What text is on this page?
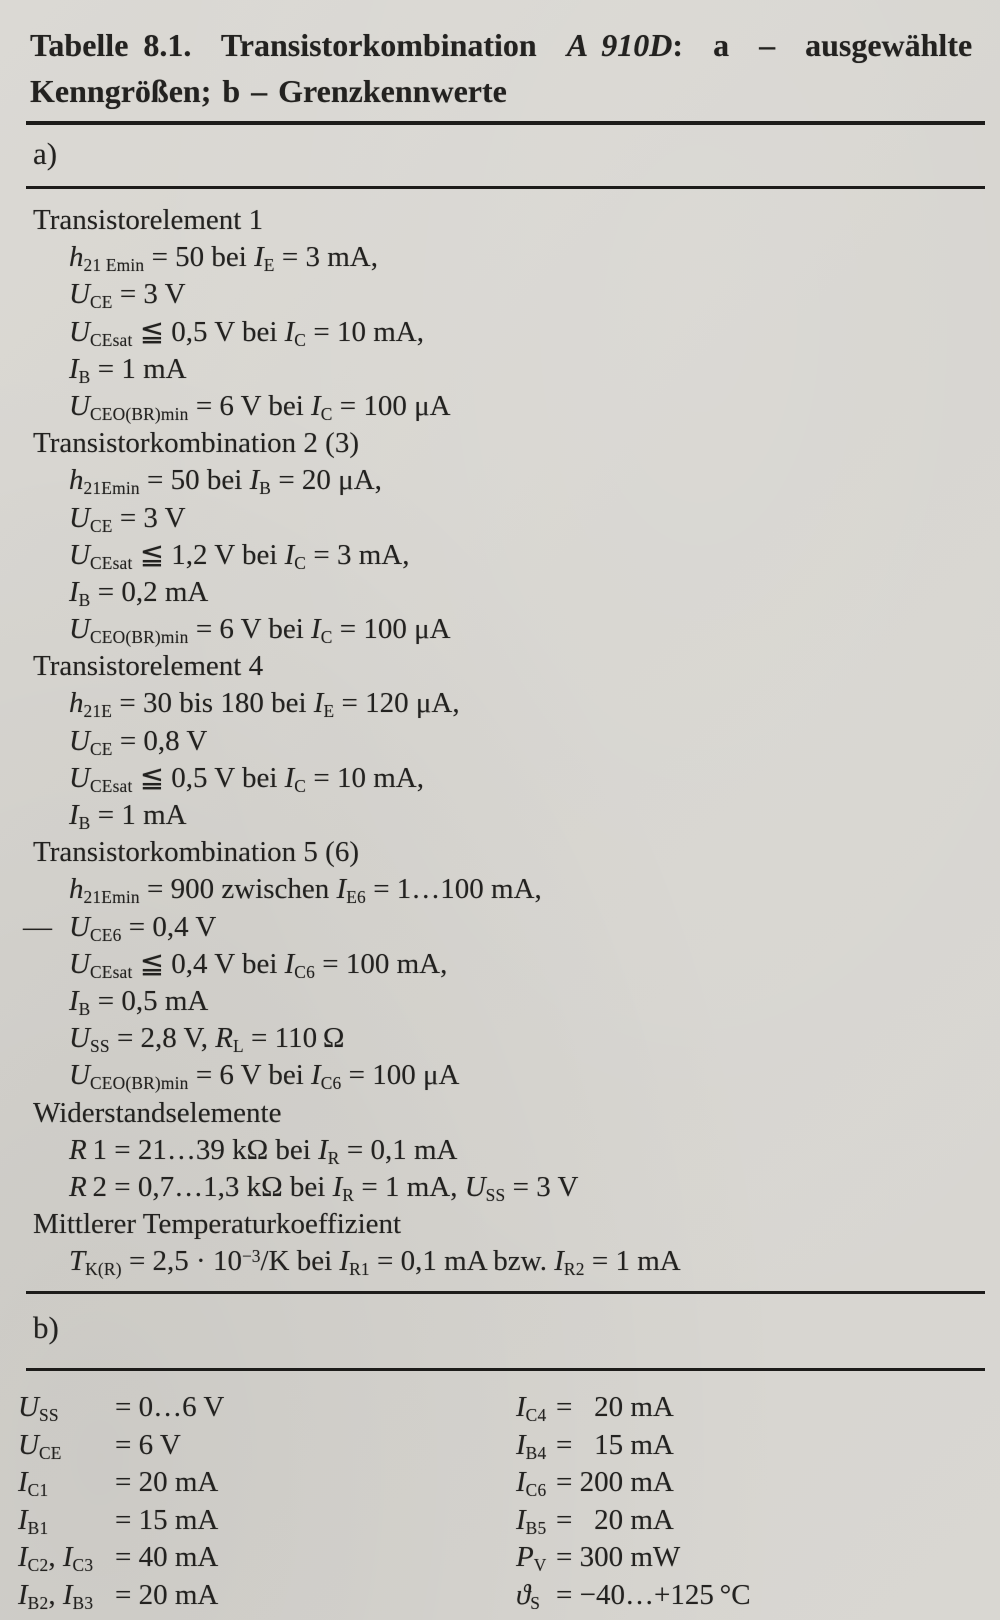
Tabelle 8.1.  Transistorkombination  A 910D:  a  –  ausgewählte
Kenngrößen; b – Grenzkennwerte
a)
Transistorelement 1
$h_{21 Emin} = 50$ bei $I_E = 3$ mA,
$U_{CE} = 3$ V
$U_{CEsat}$ ≦ 0,5 V bei $I_C = 10$ mA,
$I_B = 1$ mA
$U_{CEO(BR)min} = 6$ V bei $I_C = 100$ μA
Transistorkombination 2 (3)
$h_{21Emin} = 50$ bei $I_B = 20$ μA,
$U_{CE} = 3$ V
$U_{CEsat}$ ≦ 1,2 V bei $I_C = 3$ mA,
$I_B = 0,2$ mA
$U_{CEO(BR)min} = 6$ V bei $I_C = 100$ μA
Transistorelement 4
$h_{21E} = 30$ bis 180 bei $I_E = 120$ μA,
$U_{CE} = 0,8$ V
$U_{CEsat}$ ≦ 0,5 V bei $I_C = 10$ mA,
$I_B = 1$ mA
Transistorkombination 5 (6)
$h_{21Emin} = 900$ zwischen $I_{E6}$ = 1…100 mA,
— $U_{CE6} = 0,4$ V
$U_{CEsat}$ ≦ 0,4 V bei $I_{C6} = 100$ mA,
$I_B = 0,5$ mA
$U_{SS} = 2,8$ V, $R_L = 110$ Ω
$U_{CEO(BR)min} = 6$ V bei $I_{C6} = 100$ μA
Widerstandselemente
R 1 = 21…39 kΩ bei $I_R = 0,1$ mA
R 2 = 0,7…1,3 kΩ bei $I_R = 1$ mA, $U_{SS} = 3$ V
Mittlerer Temperaturkoeffizient
$T_{K(R)} = 2,5 \cdot 10^{-3}/K$ bei $I_{R1} = 0,1$ mA bzw. $I_{R2} = 1$ mA
b)
$U_{SS}$ = 0…6 V
$U_{CE} = 6$ V
$I_{C1} = 20$ mA
$I_{B1} = 15$ mA
$I_{C2}$, $I_{C3} = 40$ mA
$I_{B2}$, $I_{B3} = 20$ mA
$I_{C4} = 20$ mA
$I_{B4} = 15$ mA
$I_{C6} = 200$ mA
$I_{B5} = 20$ mA
$P_V = 300$ mW
$ϑ_S$ = −40…+125 °C
